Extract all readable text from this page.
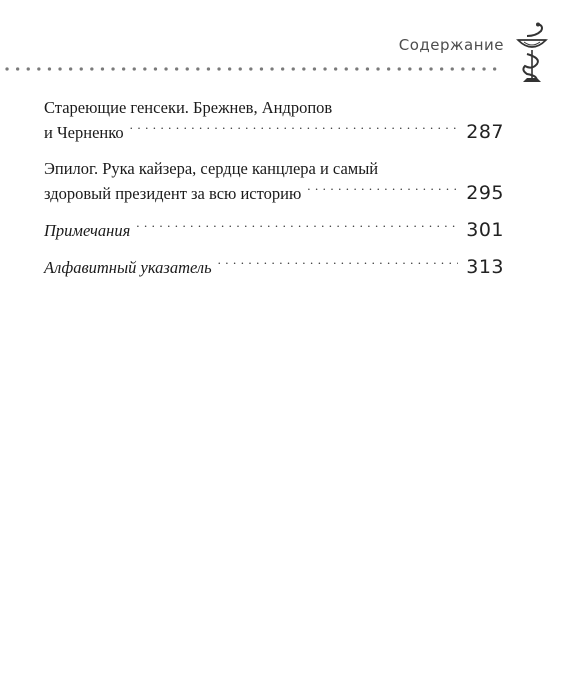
Содержание
Стареющие генсеки. Брежнев, Андропов
и Черненко . . .	287
Эпилог. Рука кайзера, сердце канцлера и самый
здоровый президент за всю историю . . .	295
Примечания . . .	301
Алфавитный указатель . . .	313
